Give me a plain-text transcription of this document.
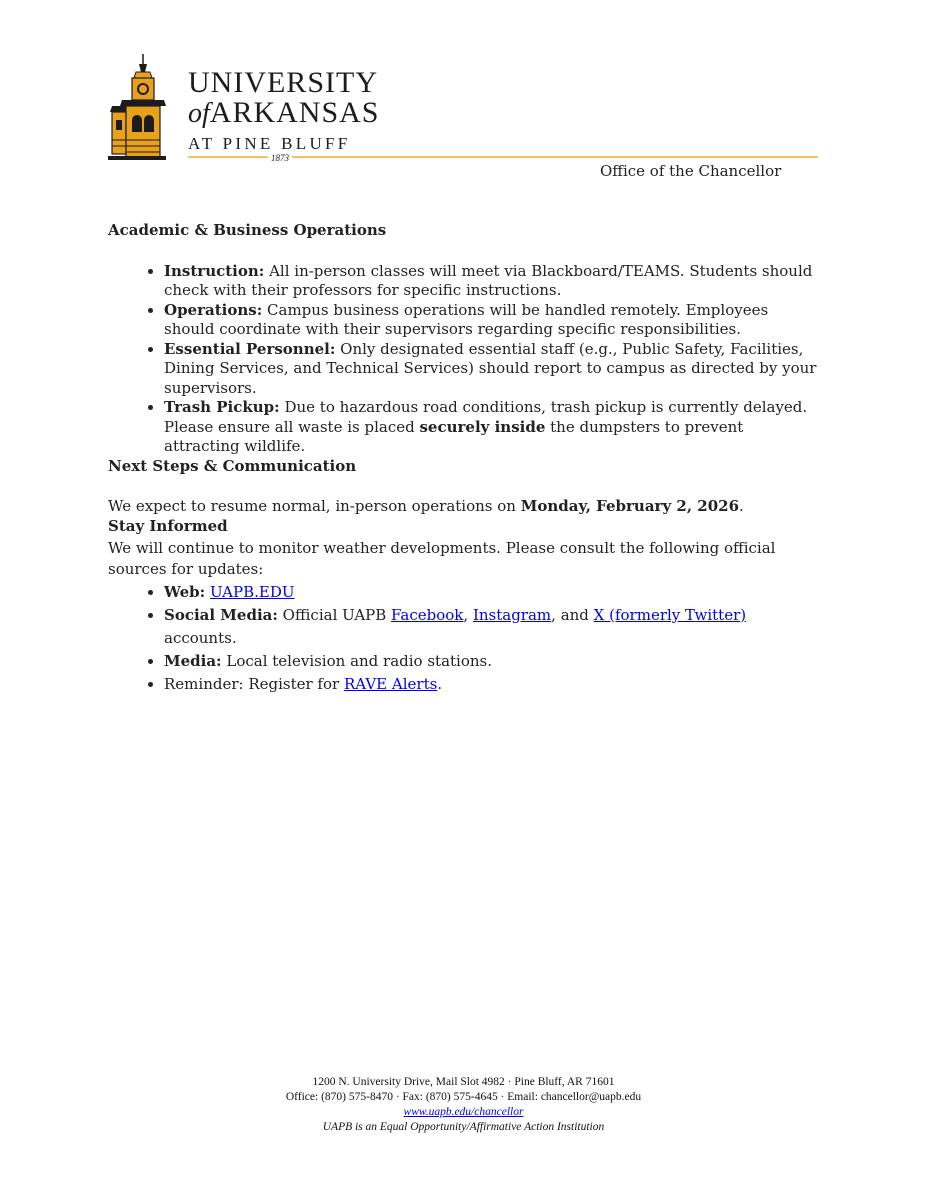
UNIVERSITY
ofARKANSAS
AT PINE BLUFF
1873
Office of the Chancellor
Academic & Business Operations
• Instruction: All in-person classes will meet via Blackboard/TEAMS. Students should check with their professors for specific instructions.
• Operations: Campus business operations will be handled remotely. Employees should coordinate with their supervisors regarding specific responsibilities.
• Essential Personnel: Only designated essential staff (e.g., Public Safety, Facilities, Dining Services, and Technical Services) should report to campus as directed by your supervisors.
• Trash Pickup: Due to hazardous road conditions, trash pickup is currently delayed. Please ensure all waste is placed securely inside the dumpsters to prevent attracting wildlife.
Next Steps & Communication

We expect to resume normal, in-person operations on Monday, February 2, 2026.

Stay Informed

We will continue to monitor weather developments. Please consult the following official sources for updates:

• Web: UAPB.EDU
• Social Media: Official UAPB Facebook, Instagram, and X (formerly Twitter) accounts.
• Media: Local television and radio stations.
• Reminder: Register for RAVE Alerts.
1200 N. University Drive, Mail Slot 4982 · Pine Bluff, AR 71601
Office: (870) 575-8470 · Fax: (870) 575-4645 · Email: chancellor@uapb.edu
www.uapb.edu/chancellor
UAPB is an Equal Opportunity/Affirmative Action Institution
